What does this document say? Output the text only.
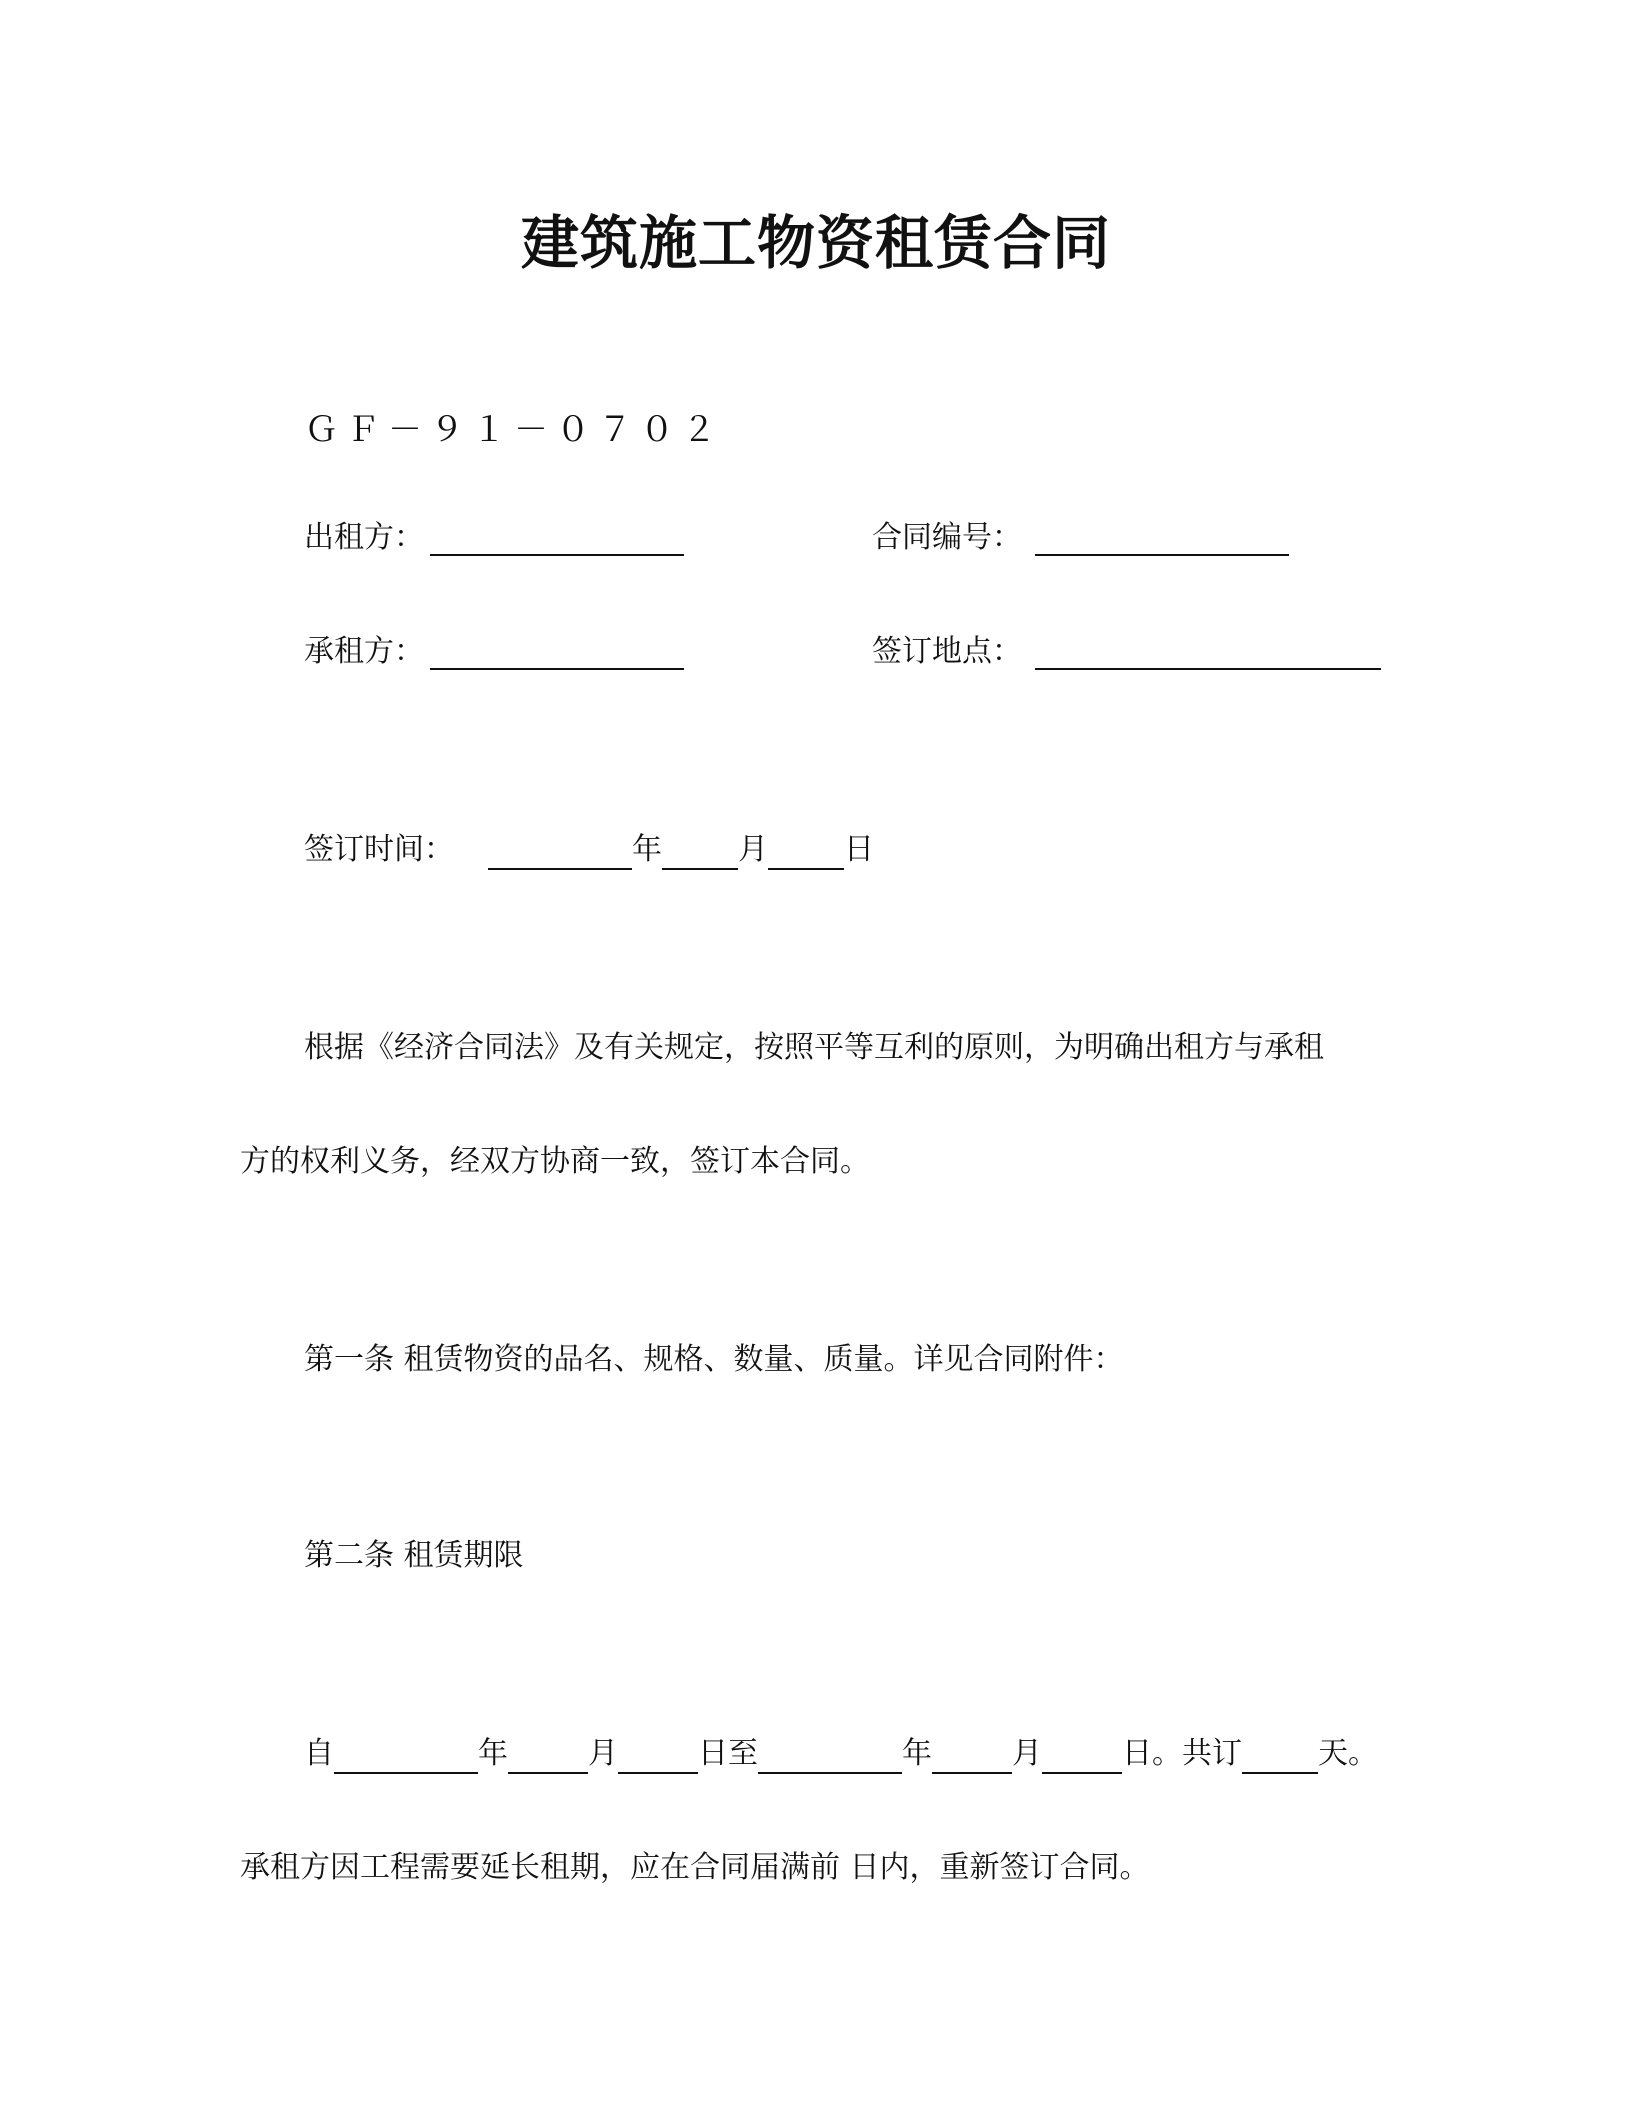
建筑施工物资租赁合同
ＧＦ－９１－０７０２
出租方：	合同编号：
承租方：	签订地点：
签订时间：	年	月	日
根据《经济合同法》及有关规定，按照平等互利的原则，为明确出租方与承租
方的权利义务，经双方协商一致，签订本合同。
第一条 租赁物资的品名、规格、数量、质量。详见合同附件：
第二条 租赁期限
自	年	月	日至	年	月	日。共订	天。
承租方因工程需要延长租期，应在合同届满前 日内，重新签订合同。
